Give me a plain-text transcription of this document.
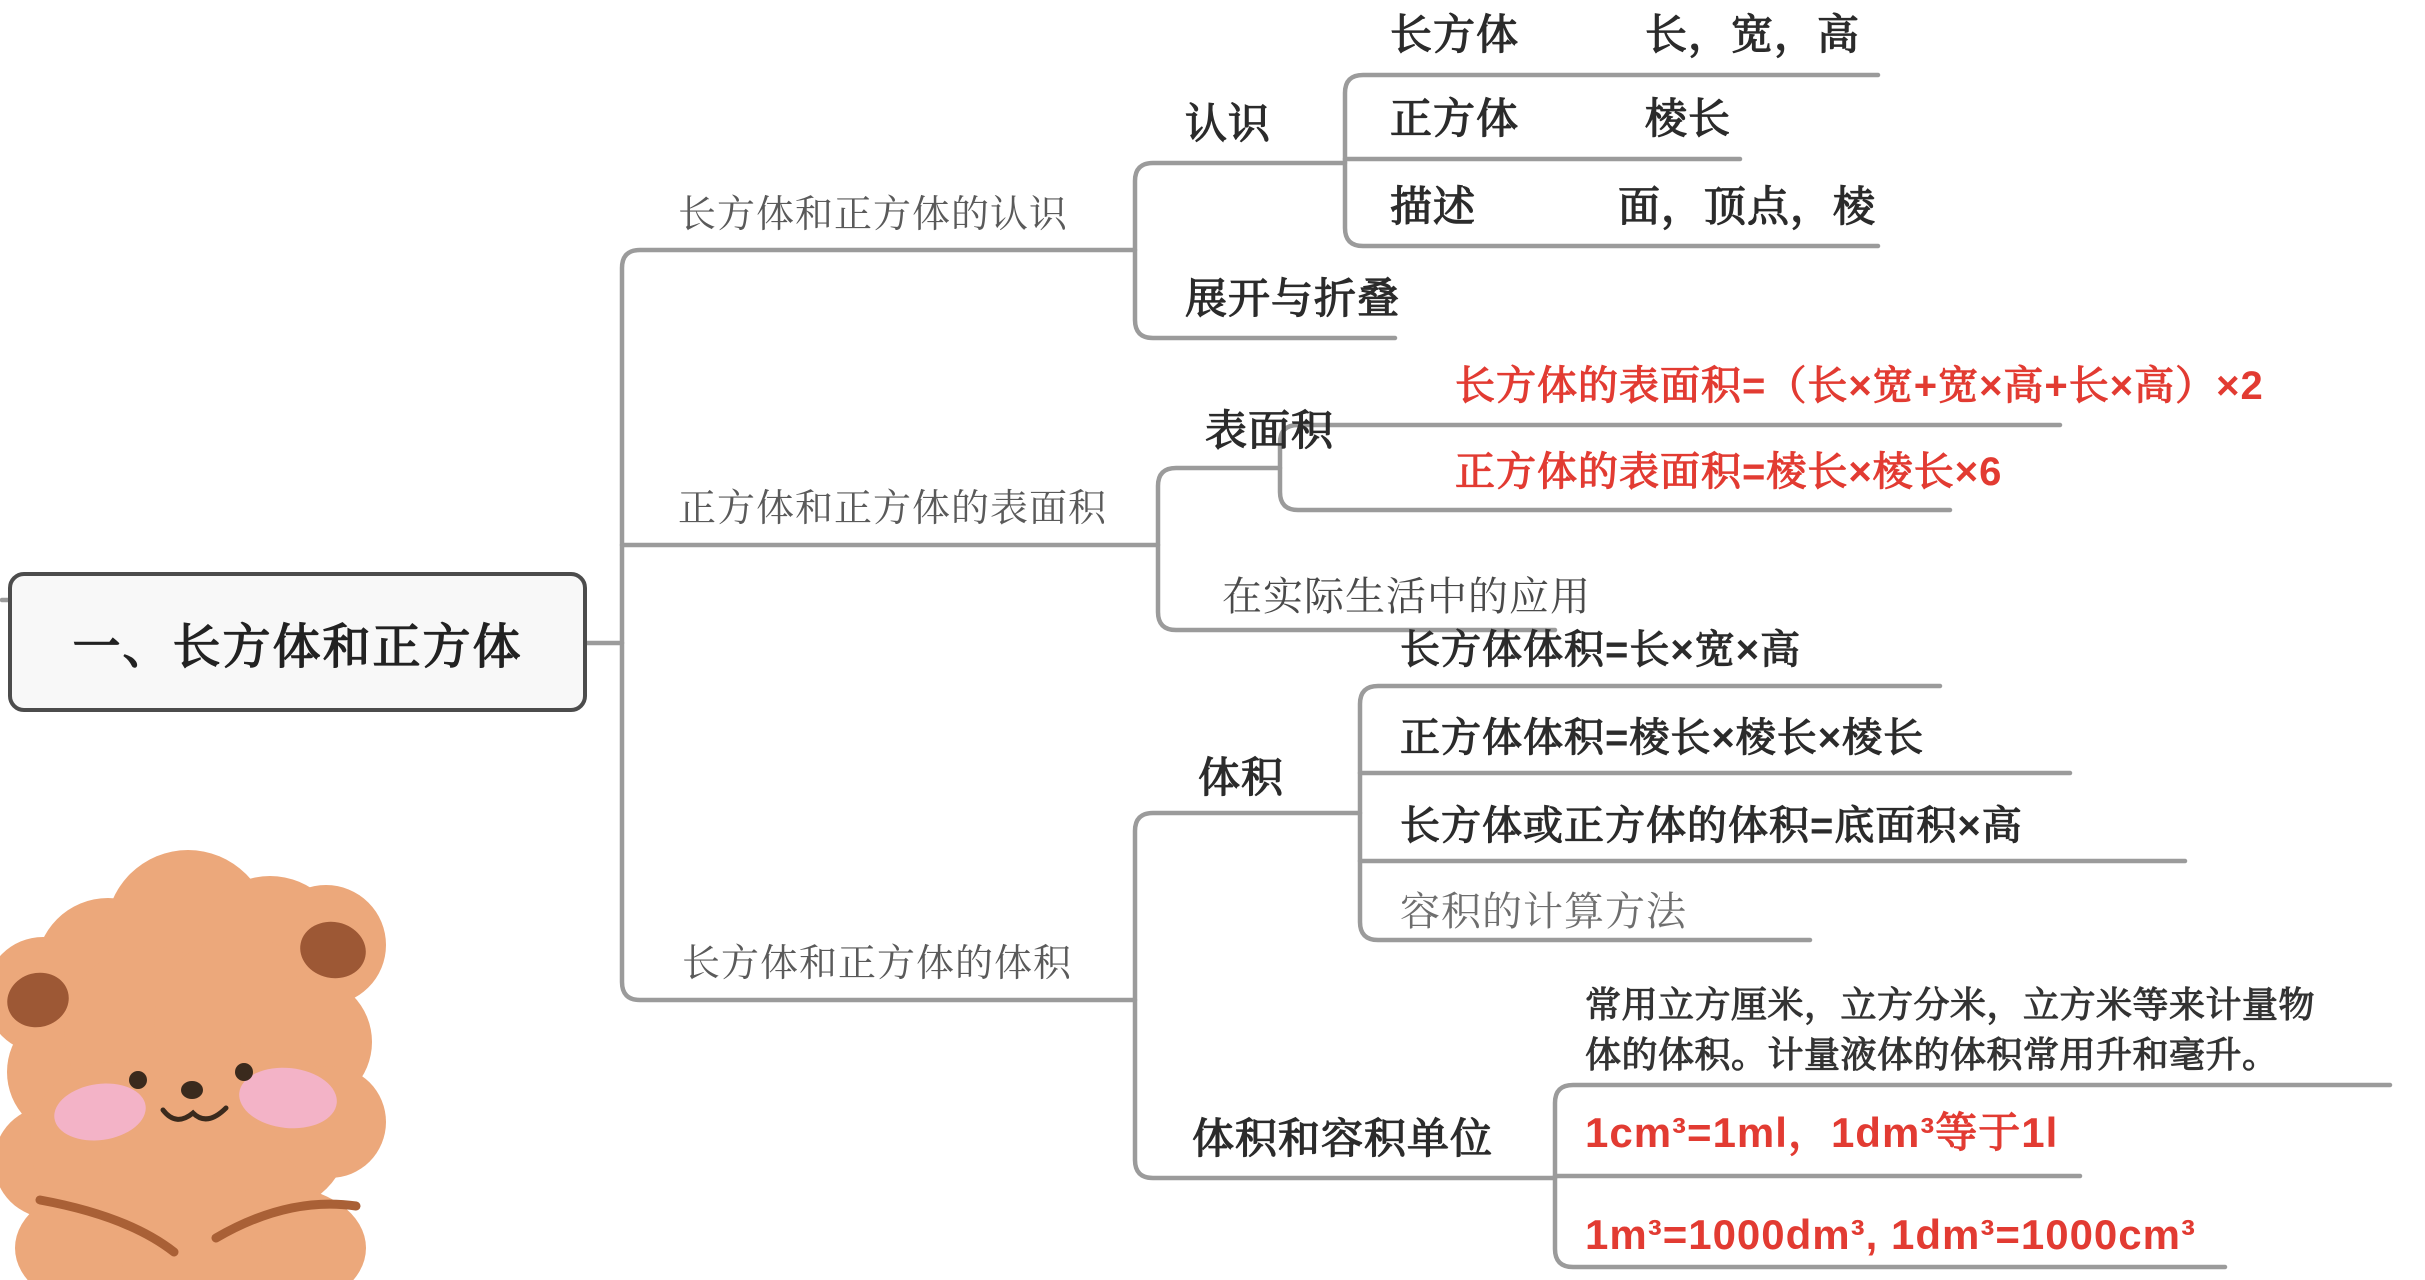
一、长方体和正方体
长方体和正方体的认识
认识
长方体	长，宽，高
正方体	棱长
描述	面，顶点，棱
展开与折叠
正方体和正方体的表面积
表面积
长方体的表面积=（长×宽+宽×高+长×高）×2
正方体的表面积=棱长×棱长×6
在实际生活中的应用
长方体和正方体的体积
体积
长方体体积=长×宽×高
正方体体积=棱长×棱长×棱长
长方体或正方体的体积=底面积×高
容积的计算方法
体积和容积单位
常用立方厘米，立方分米，立方米等来计量物体的体积。计量液体的体积常用升和毫升。
1cm³=1ml，1dm³等于1l
1m³=1000dm³, 1dm³=1000cm³
